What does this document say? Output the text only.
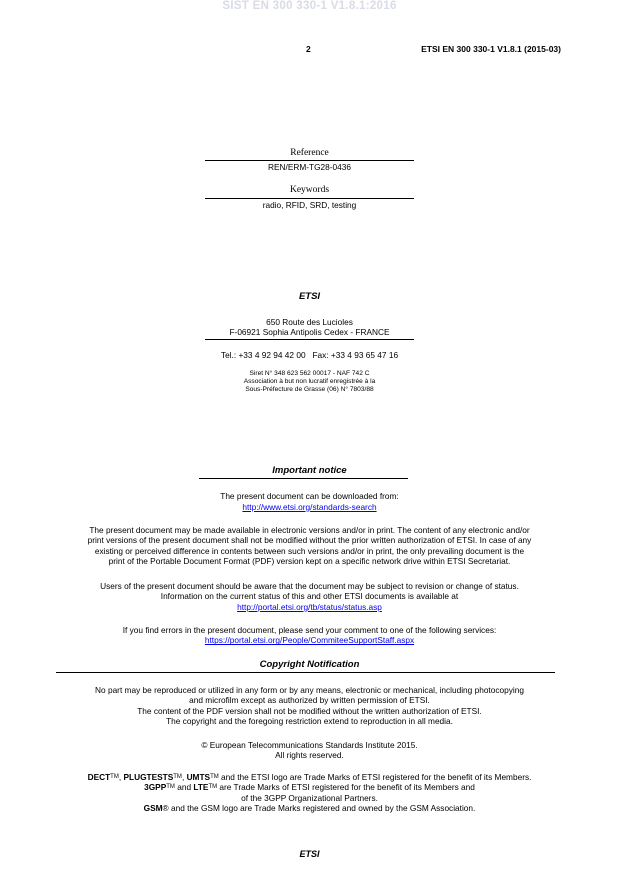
SIST EN 300 330-1 V1.8.1:2016
2	ETSI EN 300 330-1 V1.8.1 (2015-03)
Reference
REN/ERM-TG28-0436
Keywords
radio, RFID, SRD, testing
ETSI
650 Route des Lucioles
F-06921 Sophia Antipolis Cedex - FRANCE
Tel.: +33 4 92 94 42 00   Fax: +33 4 93 65 47 16
Siret N° 348 623 562 00017 - NAF 742 C
Association à but non lucratif enregistrée à la
Sous-Préfecture de Grasse (06) N° 7803/88
Important notice
The present document can be downloaded from:
http://www.etsi.org/standards-search
The present document may be made available in electronic versions and/or in print. The content of any electronic and/or
print versions of the present document shall not be modified without the prior written authorization of ETSI. In case of any
existing or perceived difference in contents between such versions and/or in print, the only prevailing document is the
print of the Portable Document Format (PDF) version kept on a specific network drive within ETSI Secretariat.
Users of the present document should be aware that the document may be subject to revision or change of status.
Information on the current status of this and other ETSI documents is available at
http://portal.etsi.org/tb/status/status.asp
If you find errors in the present document, please send your comment to one of the following services:
https://portal.etsi.org/People/CommiteeSupportStaff.aspx
Copyright Notification
No part may be reproduced or utilized in any form or by any means, electronic or mechanical, including photocopying
and microfilm except as authorized by written permission of ETSI.
The content of the PDF version shall not be modified without the written authorization of ETSI.
The copyright and the foregoing restriction extend to reproduction in all media.
© European Telecommunications Standards Institute 2015.
All rights reserved.
DECT™, PLUGTESTS™, UMTS™ and the ETSI logo are Trade Marks of ETSI registered for the benefit of its Members.
3GPP™ and LTE™ are Trade Marks of ETSI registered for the benefit of its Members and
of the 3GPP Organizational Partners.
GSM® and the GSM logo are Trade Marks registered and owned by the GSM Association.
ETSI
